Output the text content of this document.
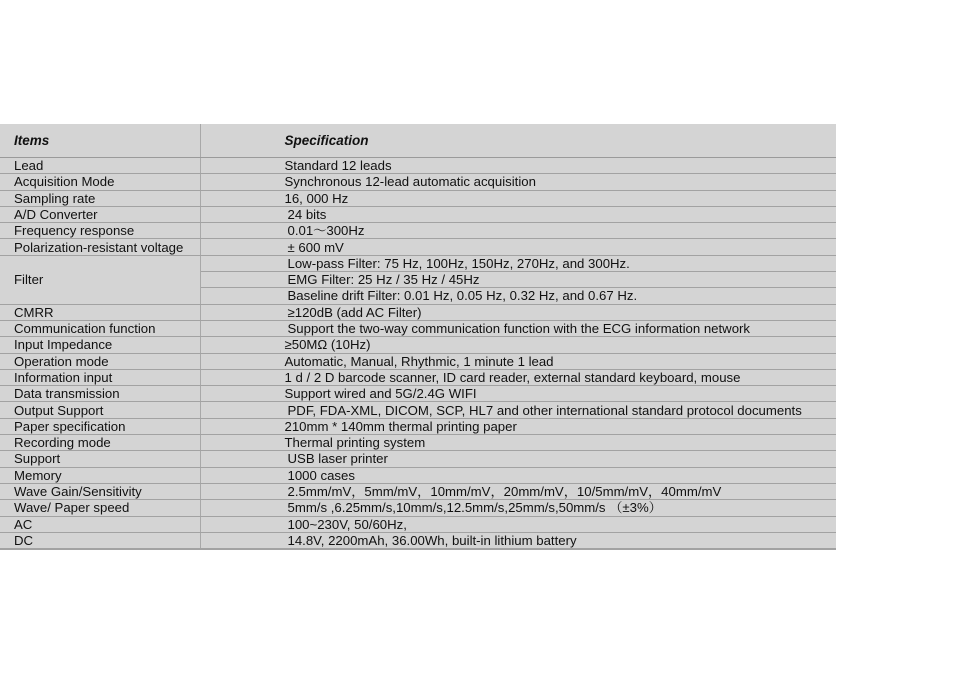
Items	Specification
Lead	Standard 12 leads
Acquisition Mode	Synchronous 12-lead automatic acquisition
Sampling rate	16, 000 Hz
A/D Converter	24 bits
Frequency response	0.01～300Hz
Polarization-resistant voltage	± 600 mV
Filter	Low-pass Filter: 75 Hz, 100Hz, 150Hz, 270Hz, and 300Hz.
	EMG Filter: 25 Hz / 35 Hz / 45Hz
	Baseline drift Filter: 0.01 Hz, 0.05 Hz, 0.32 Hz, and 0.67 Hz.
CMRR	≥120dB (add AC Filter)
Communication function	Support the two-way communication function with the ECG information network
Input Impedance	≥50MΩ (10Hz)
Operation mode	Automatic, Manual, Rhythmic, 1 minute 1 lead
Information input	1 d / 2 D barcode scanner, ID card reader, external standard keyboard, mouse
Data transmission	Support wired and 5G/2.4G WIFI
Output Support	PDF, FDA-XML, DICOM, SCP, HL7 and other international standard protocol documents
Paper specification	210mm * 140mm thermal printing paper
Recording mode	Thermal printing system
Support	USB laser printer
Memory	1000 cases
Wave Gain/Sensitivity	2.5mm/mV，5mm/mV，10mm/mV，20mm/mV，10/5mm/mV，40mm/mV
Wave/ Paper speed	5mm/s ,6.25mm/s,10mm/s,12.5mm/s,25mm/s,50mm/s （±3%）
AC	100~230V, 50/60Hz,
DC	14.8V, 2200mAh, 36.00Wh, built-in lithium battery
